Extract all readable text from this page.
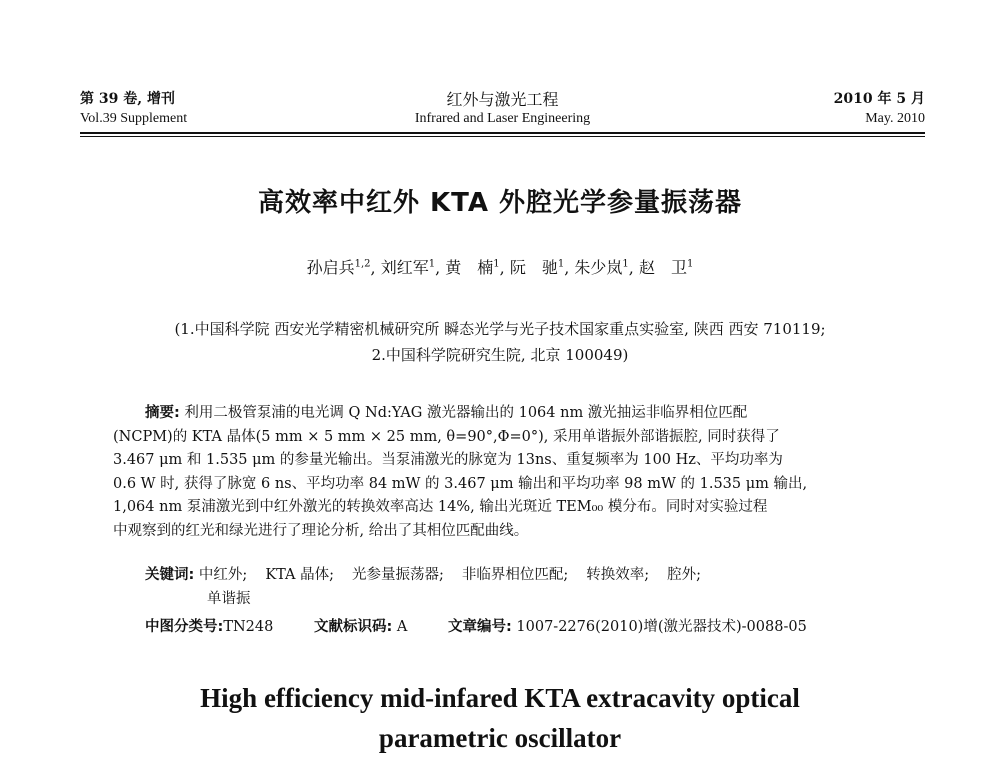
第 39 卷, 增刊
Vol.39 Supplement
红外与激光工程
Infrared and Laser Engineering
2010 年 5 月
May. 2010
高效率中红外 KTA 外腔光学参量振荡器
孙启兵$^{1,2}$, 刘红军$^1$, 黄　楠$^1$, 阮　驰$^1$, 朱少岚$^1$, 赵　卫$^1$
(1.中国科学院 西安光学精密机械研究所 瞬态光学与光子技术国家重点实验室, 陕西 西安 710119;
2.中国科学院研究生院, 北京 100049)
摘要: 利用二极管泵浦的电光调 Q Nd:YAG 激光器输出的 1064 nm 激光抽运非临界相位匹配
(NCPM)的 KTA 晶体(5 mm × 5 mm × 25 mm, θ=90°,Φ=0°), 采用单谐振外部谐振腔, 同时获得了
3.467 μm 和 1.535 μm 的参量光输出。当泵浦激光的脉宽为 13ns、重复频率为 100 Hz、平均功率为
0.6 W 时, 获得了脉宽 6 ns、平均功率 84 mW 的 3.467 μm 输出和平均功率 98 mW 的 1.535 μm 输出,
1,064 nm 泵浦激光到中红外激光的转换效率高达 14%, 输出光斑近 TEM₀₀ 模分布。同时对实验过程
中观察到的红光和绿光进行了理论分析, 给出了其相位匹配曲线。
关键词: 中红外; KTA 晶体; 光参量振荡器; 非临界相位匹配; 转换效率; 腔外;
单谐振
中图分类号:TN248	文献标识码: A	文章编号: 1007-2276(2010)增(激光器技术)-0088-05
High efficiency mid-infared KTA extracavity optical
parametric oscillator
